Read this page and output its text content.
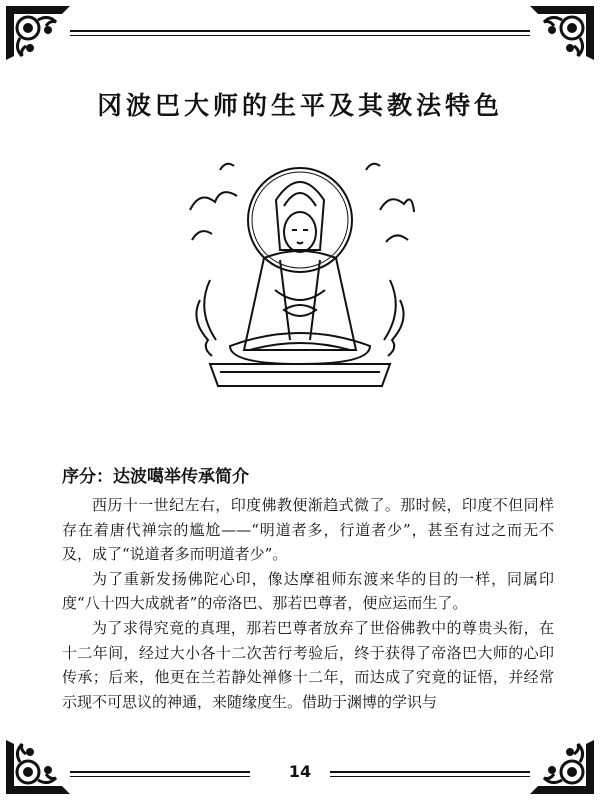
冈波巴大师的生平及其教法特色
序分：达波噶举传承简介

西历十一世纪左右，印度佛教便渐趋式微了。那时候，印度不但同样存在着唐代禅宗的尴尬——“明道者多，行道者少”，甚至有过之而无不及，成了“说道者多而明道者少”。

为了重新发扬佛陀心印，像达摩祖师东渡来华的目的一样，同属印度“八十四大成就者”的帝洛巴、那若巴尊者，便应运而生了。

为了求得究竟的真理，那若巴尊者放弃了世俗佛教中的尊贵头衔，在十二年间，经过大小各十二次苦行考验后，终于获得了帝洛巴大师的心印传承；后来，他更在兰若静处禅修十二年，而达成了究竟的证悟，并经常示现不可思议的神通，来随缘度生。借助于渊博的学识与

14
